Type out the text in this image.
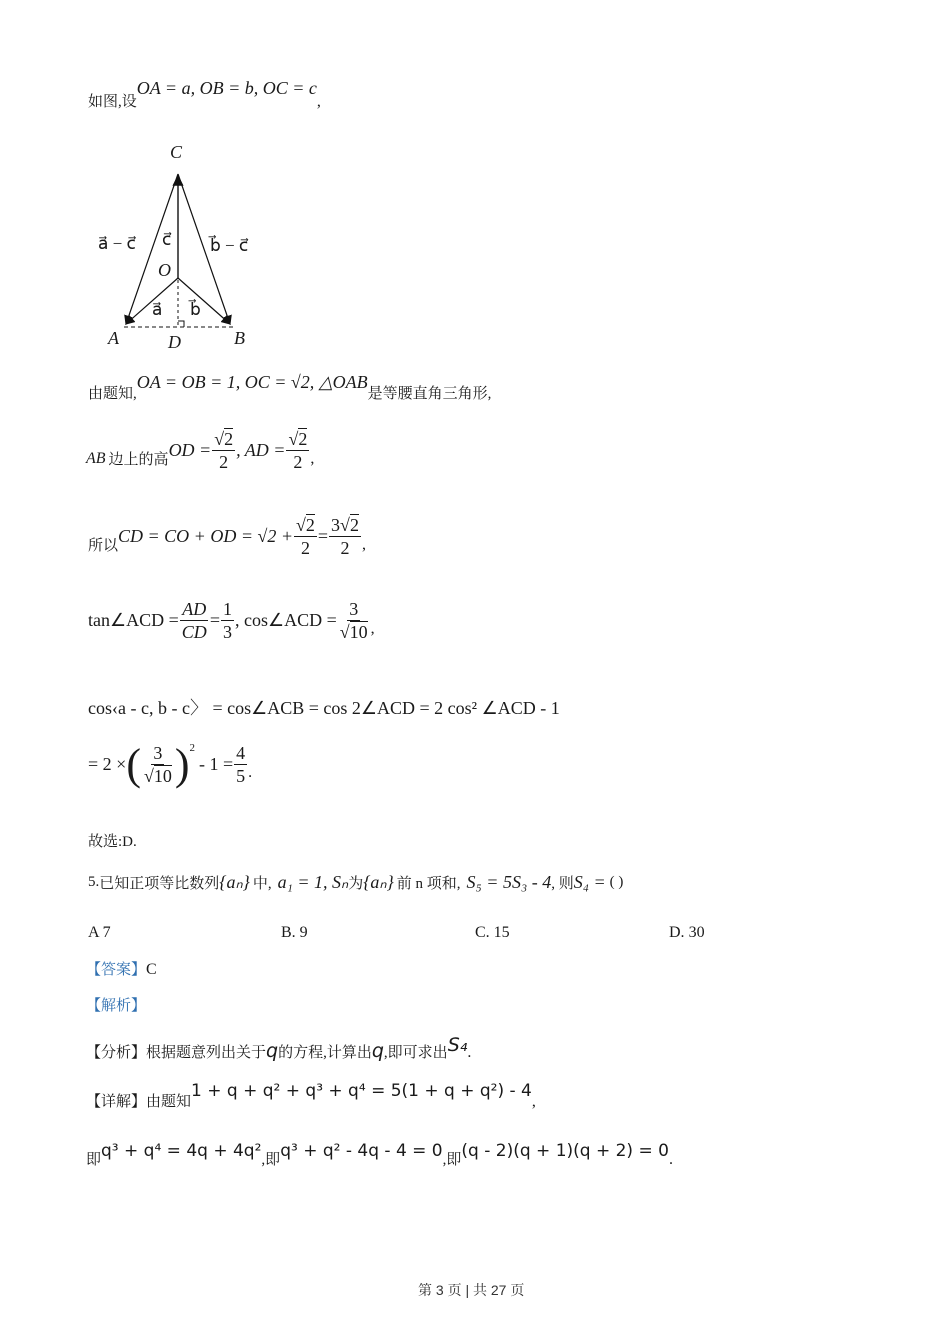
如图,设OA = a, OB = b, OC = c,
C
O
A	B
D
a⃗ − c⃗ c⃗ b⃗ − c⃗
a⃗ b⃗
由题知,OA = OB = 1, OC = √2, △OAB是等腰直角三角形,
AB 边上的高 OD = $\frac{√2}{2}$ , AD = $\frac{√2}{2}$ ,
所以 CD = CO + OD = $√2 + \frac{√2}{2} = \frac{3√2}{2}$ ,
tan∠ACD = $\frac{AD}{CD} = \frac{1}{3}$ , cos∠ACD = $\frac{3}{√10}$ ,
cos‹a - c, b - c〉 = cos∠ACB = cos 2∠ACD = 2 cos² ∠ACD - 1
= 2 × ( $\frac{3}{√10} )^2$
- $1 = \frac{4}{5}$ .
故选:D.
5. 已知正项等比数列 {aₙ} 中, a₁ = 1, Sₙ 为 {aₙ} 前 n 项和, S₅ = 5S₃ - 4 , 则 S₄ = ( )
A 7	B. 9	C. 15	D. 30
【答案】C
【解析】
【分析】 根据题意列出关于 q 的方程,计算出 q ,即可求出 S₄ .
【详解】 由题知
1 + q + q² + q³ + q⁴ = 5(1 + q + q²) - 4
,
即 q³ + q⁴ = 4q + 4q² ,即 q³ + q² - 4q - 4 = 0 ,即 (q - 2)(q + 1)(q + 2) = 0 .
第 3 页 | 共 27 页
